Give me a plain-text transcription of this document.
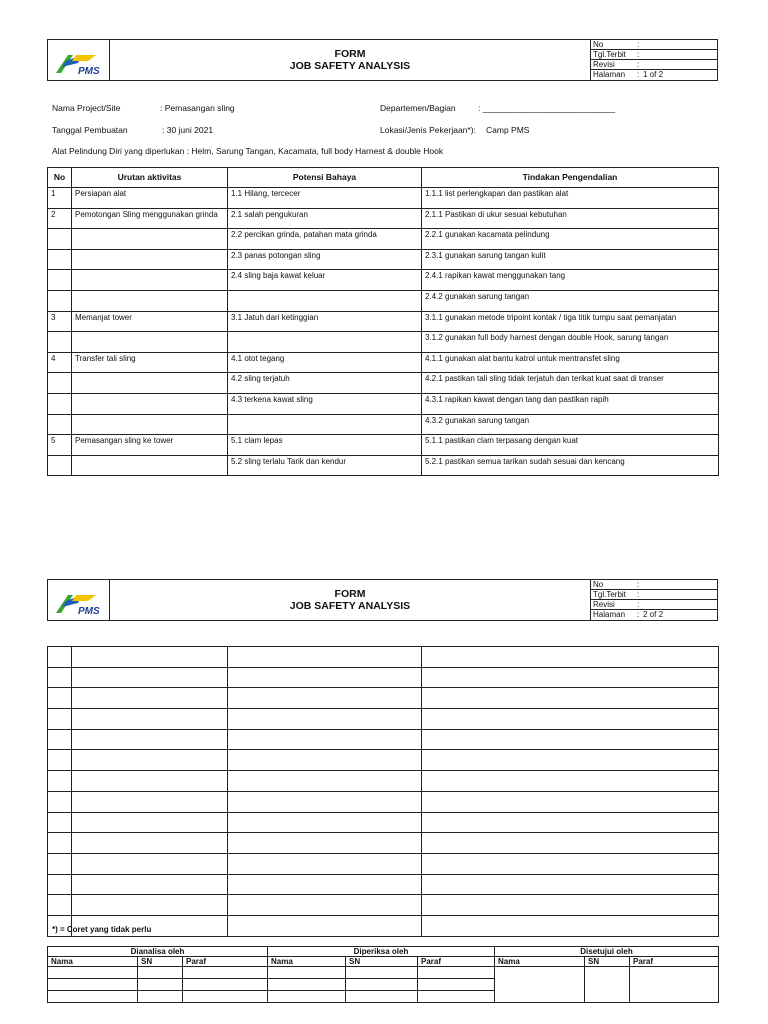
PMS

FORM
JOB SAFETY ANALYSIS

No	:
Tgl.Terbit	:
Revisi	:
Halaman	: 1 of 2
Nama Project/Site	: Pemasangan sling	Departemen/Bagian	: ____________________________
Tanggal Pembuatan	: 30 juni 2021	Lokasi/Jenis Pekerjaan*): Camp PMS
Alat Pelindung Diri yang diperlukan : Helm, Sarung Tangan, Kacamata, full body Harnest & double Hook
No	Urutan aktivitas	Potensi Bahaya	Tindakan Pengendalian
1	Persiapan alat	1.1 Hilang, tercecer	1.1.1 list perlengkapan dan pastikan alat
2	Pemotongan Sling menggunakan grinda	2.1 salah pengukuran	2.1.1 Pastikan di ukur sesuai kebutuhan
		2.2 percikan grinda, patahan mata grinda	2.2.1 gunakan kacamata pelindung
		2.3 panas potongan sling	2.3.1 gunakan sarung tangan kulit
		2.4 sling baja kawat keluar	2.4.1 rapikan kawat menggunakan tang
			2.4.2 gunakan sarung tangan
3	Memanjat tower	3.1 Jatuh dari ketinggian	3.1.1 gunakan metode tripoint kontak / tiga titik tumpu saat pemanjatan
			3.1.2 gunakan full body harnest dengan double Hook, sarung tangan
4	Transfer tali sling	4.1 otot tegang	4.1.1 gunakan alat bantu katrol untuk mentransfet sling
		4.2 sling terjatuh	4.2.1 pastikan tali sling tidak terjatuh dan terikat kuat saat di transer
		4.3 terkena kawat sling	4.3.1 rapikan kawat dengan tang dan pastikan rapih
			4.3.2 gunakan sarung tangan
5	Pemasangan sling ke tower	5.1 clam lepas	5.1.1 pastikan clam terpasang dengan kuat
		5.2 sling terlalu Tarik dan kendur	5.2.1 pastikan semua tarikan sudah sesuai dan kencang
PMS

FORM
JOB SAFETY ANALYSIS

No	:
Tgl.Terbit	:
Revisi	:
Halaman	: 2 of 2

*) = Coret yang tidak perlu
Dianalisa oleh			Diperiksa oleh			Disetujui oleh		
Nama	SN	Paraf	Nama	SN	Paraf	Nama	SN	Paraf
